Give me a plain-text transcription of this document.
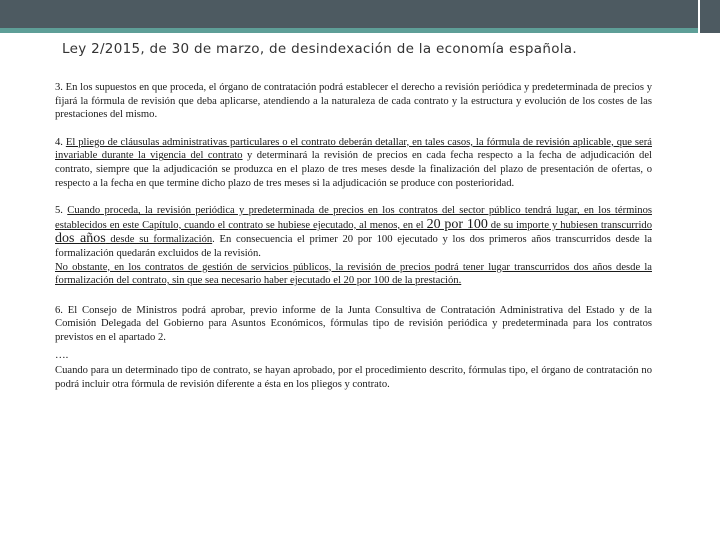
Ley 2/2015, de 30 de marzo, de desindexación de la economía española.

3. En los supuestos en que proceda, el órgano de contratación podrá establecer el derecho a revisión periódica y predeterminada de precios y fijará la fórmula de revisión que deba aplicarse, atendiendo a la naturaleza de cada contrato y la estructura y evolución de los costes de las prestaciones del mismo.

4. El pliego de cláusulas administrativas particulares o el contrato deberán detallar, en tales casos, la fórmula de revisión aplicable, que será invariable durante la vigencia del contrato y determinará la revisión de precios en cada fecha respecto a la fecha de adjudicación del contrato, siempre que la adjudicación se produzca en el plazo de tres meses desde la finalización del plazo de presentación de ofertas, o respecto a la fecha en que termine dicho plazo de tres meses si la adjudicación se produce con posterioridad.

5. Cuando proceda, la revisión periódica y predeterminada de precios en los contratos del sector público tendrá lugar, en los términos establecidos en este Capítulo, cuando el contrato se hubiese ejecutado, al menos, en el 20 por 100 de su importe y hubiesen transcurrido dos años desde su formalización. En consecuencia el primer 20 por 100 ejecutado y los dos primeros años transcurridos desde la formalización quedarán excluidos de la revisión.
No obstante, en los contratos de gestión de servicios públicos, la revisión de precios podrá tener lugar transcurridos dos años desde la formalización del contrato, sin que sea necesario haber ejecutado el 20 por 100 de la prestación.

6. El Consejo de Ministros podrá aprobar, previo informe de la Junta Consultiva de Contratación Administrativa del Estado y de la Comisión Delegada del Gobierno para Asuntos Económicos, fórmulas tipo de revisión periódica y predeterminada para los contratos previstos en el apartado 2.

….

Cuando para un determinado tipo de contrato, se hayan aprobado, por el procedimiento descrito, fórmulas tipo, el órgano de contratación no podrá incluir otra fórmula de revisión diferente a ésta en los pliegos y contrato.
